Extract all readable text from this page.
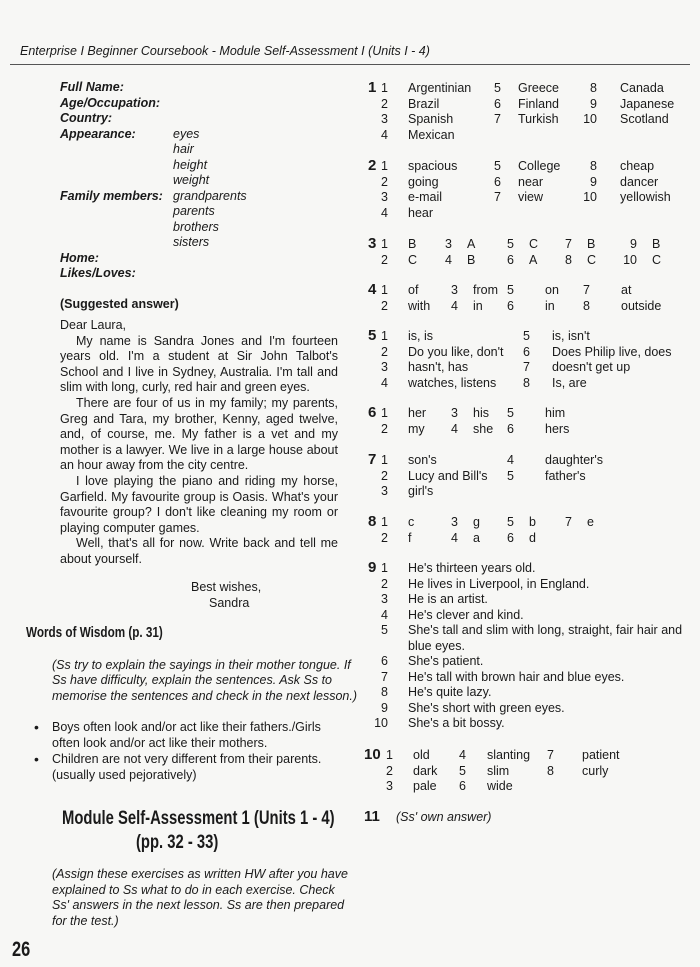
Enterprise I Beginner Coursebook - Module Self-Assessment I (Units I - 4)
Full Name:
Age/Occupation:
Country:
Appearance:	eyes
hair
height
weight
Family members: grandparents
parents
brothers
sisters
Home:
Likes/Loves:
(Suggested answer)

Dear Laura,

My name is Sandra Jones and I'm fourteen years old. I'm a student at Sir John Talbot's School and I live in Sydney, Australia. I'm tall and slim with long, curly, red hair and green eyes.

There are four of us in my family; my parents, Greg and Tara, my brother, Kenny, aged twelve, and, of course, me. My father is a vet and my mother is a lawyer. We live in a large house about an hour away from the city centre.

I love playing the piano and riding my horse, Garfield. My favourite group is Oasis. What's your favourite group? I don't like cleaning my room or playing computer games.

Well, that's all for now. Write back and tell me about yourself.

Best wishes,
Sandra
Words of Wisdom (p. 31)
(Ss try to explain the sayings in their mother tongue. If
Ss have difficulty, explain the sentences. Ask Ss to
memorise the sentences and check in the next lesson.)
• Boys often look and/or act like their fathers./Girls
often look and/or act like their mothers.
• Children are not very different from their parents.
(usually used pejoratively)
Module Self-Assessment 1 (Units 1 - 4)
(pp. 32 - 33)
(Assign these exercises as written HW after you have
explained to Ss what to do in each exercise. Check
Ss' answers in the next lesson. Ss are then prepared
for the test.)
26
1 1 Argentinian	5 Greece	8 Canada
2 Brazil	6 Finland	9 Japanese
3 Spanish	7 Turkish 10 Scotland
4 Mexican
2 1 spacious	5 College	8 cheap
2 going	6 near	9 dancer
3 e-mail	7 view	10 yellowish
4 hear
3 1 B	3 A	5 C	7 B	9 B
2 C	4 B	6 A	8 C 10 C
4 1 of	3 from 5 on	7 at
2 with	4 in	6 in	8 outside
5 1 is, is	5 is, isn't
2 Do you like, don't	6 Does Philip live, does
3 hasn't, has	7 doesn't get up
4 watches, listens	8 Is, are
6 1 her	3 his	5 him
2 my	4 she	6 hers
7 1 son's	4 daughter's
2 Lucy and Bill's	5 father's
3 girl's
8 1 c	3 g	5 b	7 e
2 f	4 a	6 d
9 1 He's thirteen years old.
2 He lives in Liverpool, in England.
3 He is an artist.
4 He's clever and kind.
5 She's tall and slim with long, straight, fair hair and
blue eyes.
6 She's patient.
7 He's tall with brown hair and blue eyes.
8 He's quite lazy.
9 She's short with green eyes.
10 She's a bit bossy.
10 1 old	4 slanting	7 patient
2 dark	5 slim	8 curly
3 pale	6 wide
11 (Ss' own answer)
